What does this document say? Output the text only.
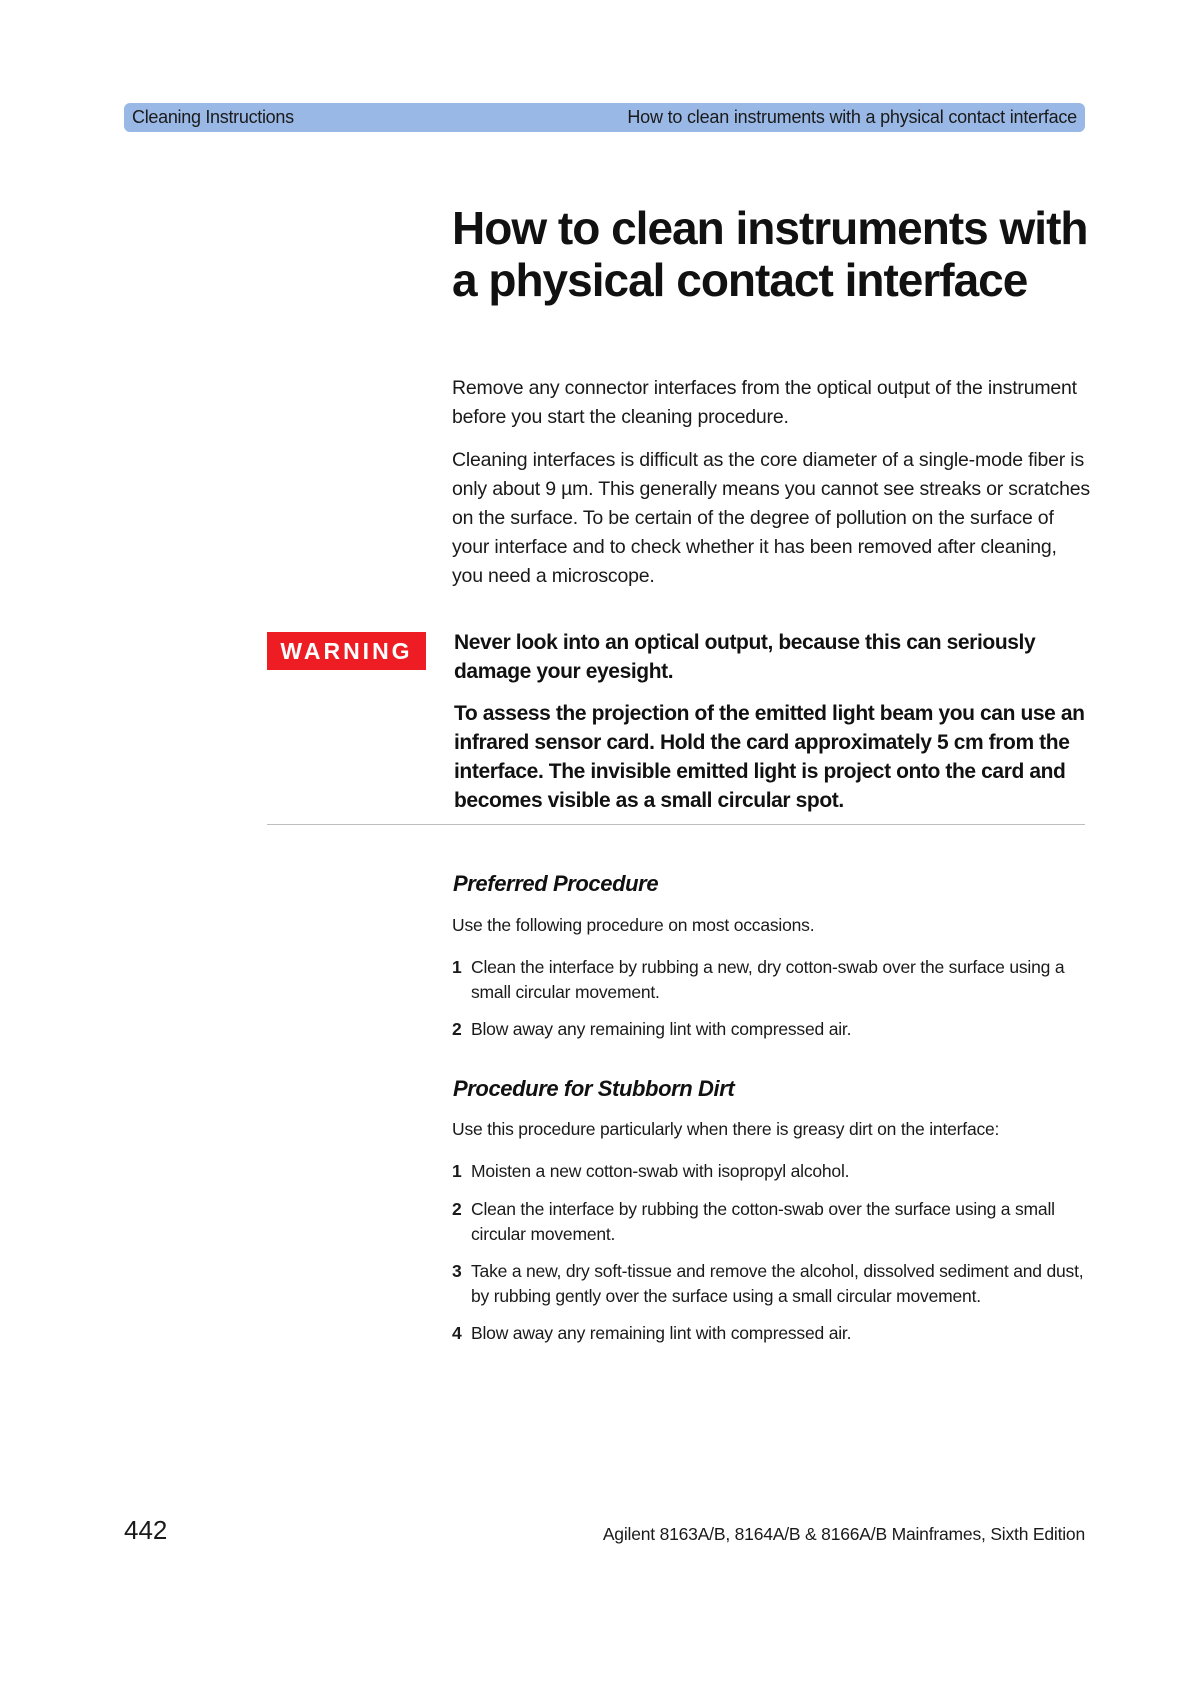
Cleaning Instructions	How to clean instruments with a physical contact interface
How to clean instruments with a physical contact interface

Remove any connector interfaces from the optical output of the instrument before you start the cleaning procedure.

Cleaning interfaces is difficult as the core diameter of a single-mode fiber is only about 9 µm. This generally means you cannot see streaks or scratches on the surface. To be certain of the degree of pollution on the surface of your interface and to check whether it has been removed after cleaning, you need a microscope.

WARNING	Never look into an optical output, because this can seriously damage your eyesight.

To assess the projection of the emitted light beam you can use an infrared sensor card. Hold the card approximately 5 cm from the interface. The invisible emitted light is project onto the card and becomes visible as a small circular spot.

Preferred Procedure

Use the following procedure on most occasions.

1 Clean the interface by rubbing a new, dry cotton-swab over the surface using a small circular movement.
2 Blow away any remaining lint with compressed air.
Procedure for Stubborn Dirt

Use this procedure particularly when there is greasy dirt on the interface:

1 Moisten a new cotton-swab with isopropyl alcohol.
2 Clean the interface by rubbing the cotton-swab over the surface using a small circular movement.
3 Take a new, dry soft-tissue and remove the alcohol, dissolved sediment and dust, by rubbing gently over the surface using a small circular movement.
4 Blow away any remaining lint with compressed air.
442	Agilent 8163A/B, 8164A/B & 8166A/B Mainframes, Sixth Edition
